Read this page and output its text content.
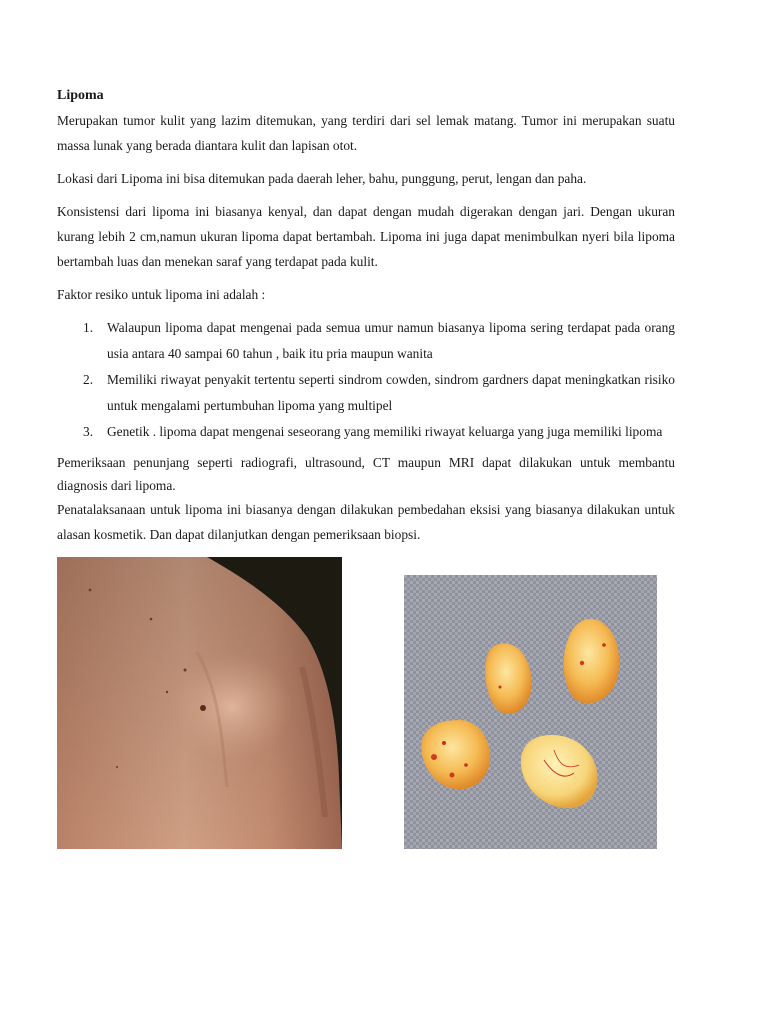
Lipoma

Merupakan tumor kulit yang lazim ditemukan, yang terdiri dari sel lemak matang. Tumor ini merupakan suatu massa lunak yang berada diantara kulit dan lapisan otot.

Lokasi dari Lipoma ini bisa ditemukan pada daerah leher, bahu, punggung, perut, lengan dan paha.

Konsistensi dari lipoma ini biasanya kenyal, dan dapat dengan mudah digerakan dengan jari. Dengan ukuran kurang lebih 2 cm,namun ukuran lipoma dapat bertambah. Lipoma ini juga dapat menimbulkan nyeri bila lipoma bertambah luas dan menekan saraf yang terdapat pada kulit.

Faktor resiko untuk lipoma ini adalah :

1. Walaupun lipoma dapat mengenai pada semua umur namun biasanya lipoma sering terdapat pada orang usia antara 40 sampai 60 tahun , baik itu pria maupun wanita
2. Memiliki riwayat penyakit tertentu seperti sindrom cowden, sindrom gardners dapat meningkatkan risiko untuk mengalami pertumbuhan lipoma yang multipel
3. Genetik . lipoma dapat mengenai seseorang yang memiliki riwayat keluarga yang juga memiliki lipoma

Pemeriksaan penunjang seperti radiografi, ultrasound, CT maupun MRI dapat dilakukan untuk membantu diagnosis dari lipoma.

Penatalaksanaan untuk lipoma ini biasanya dengan dilakukan pembedahan eksisi yang biasanya dilakukan untuk alasan kosmetik. Dan dapat dilanjutkan dengan pemeriksaan biopsi.
